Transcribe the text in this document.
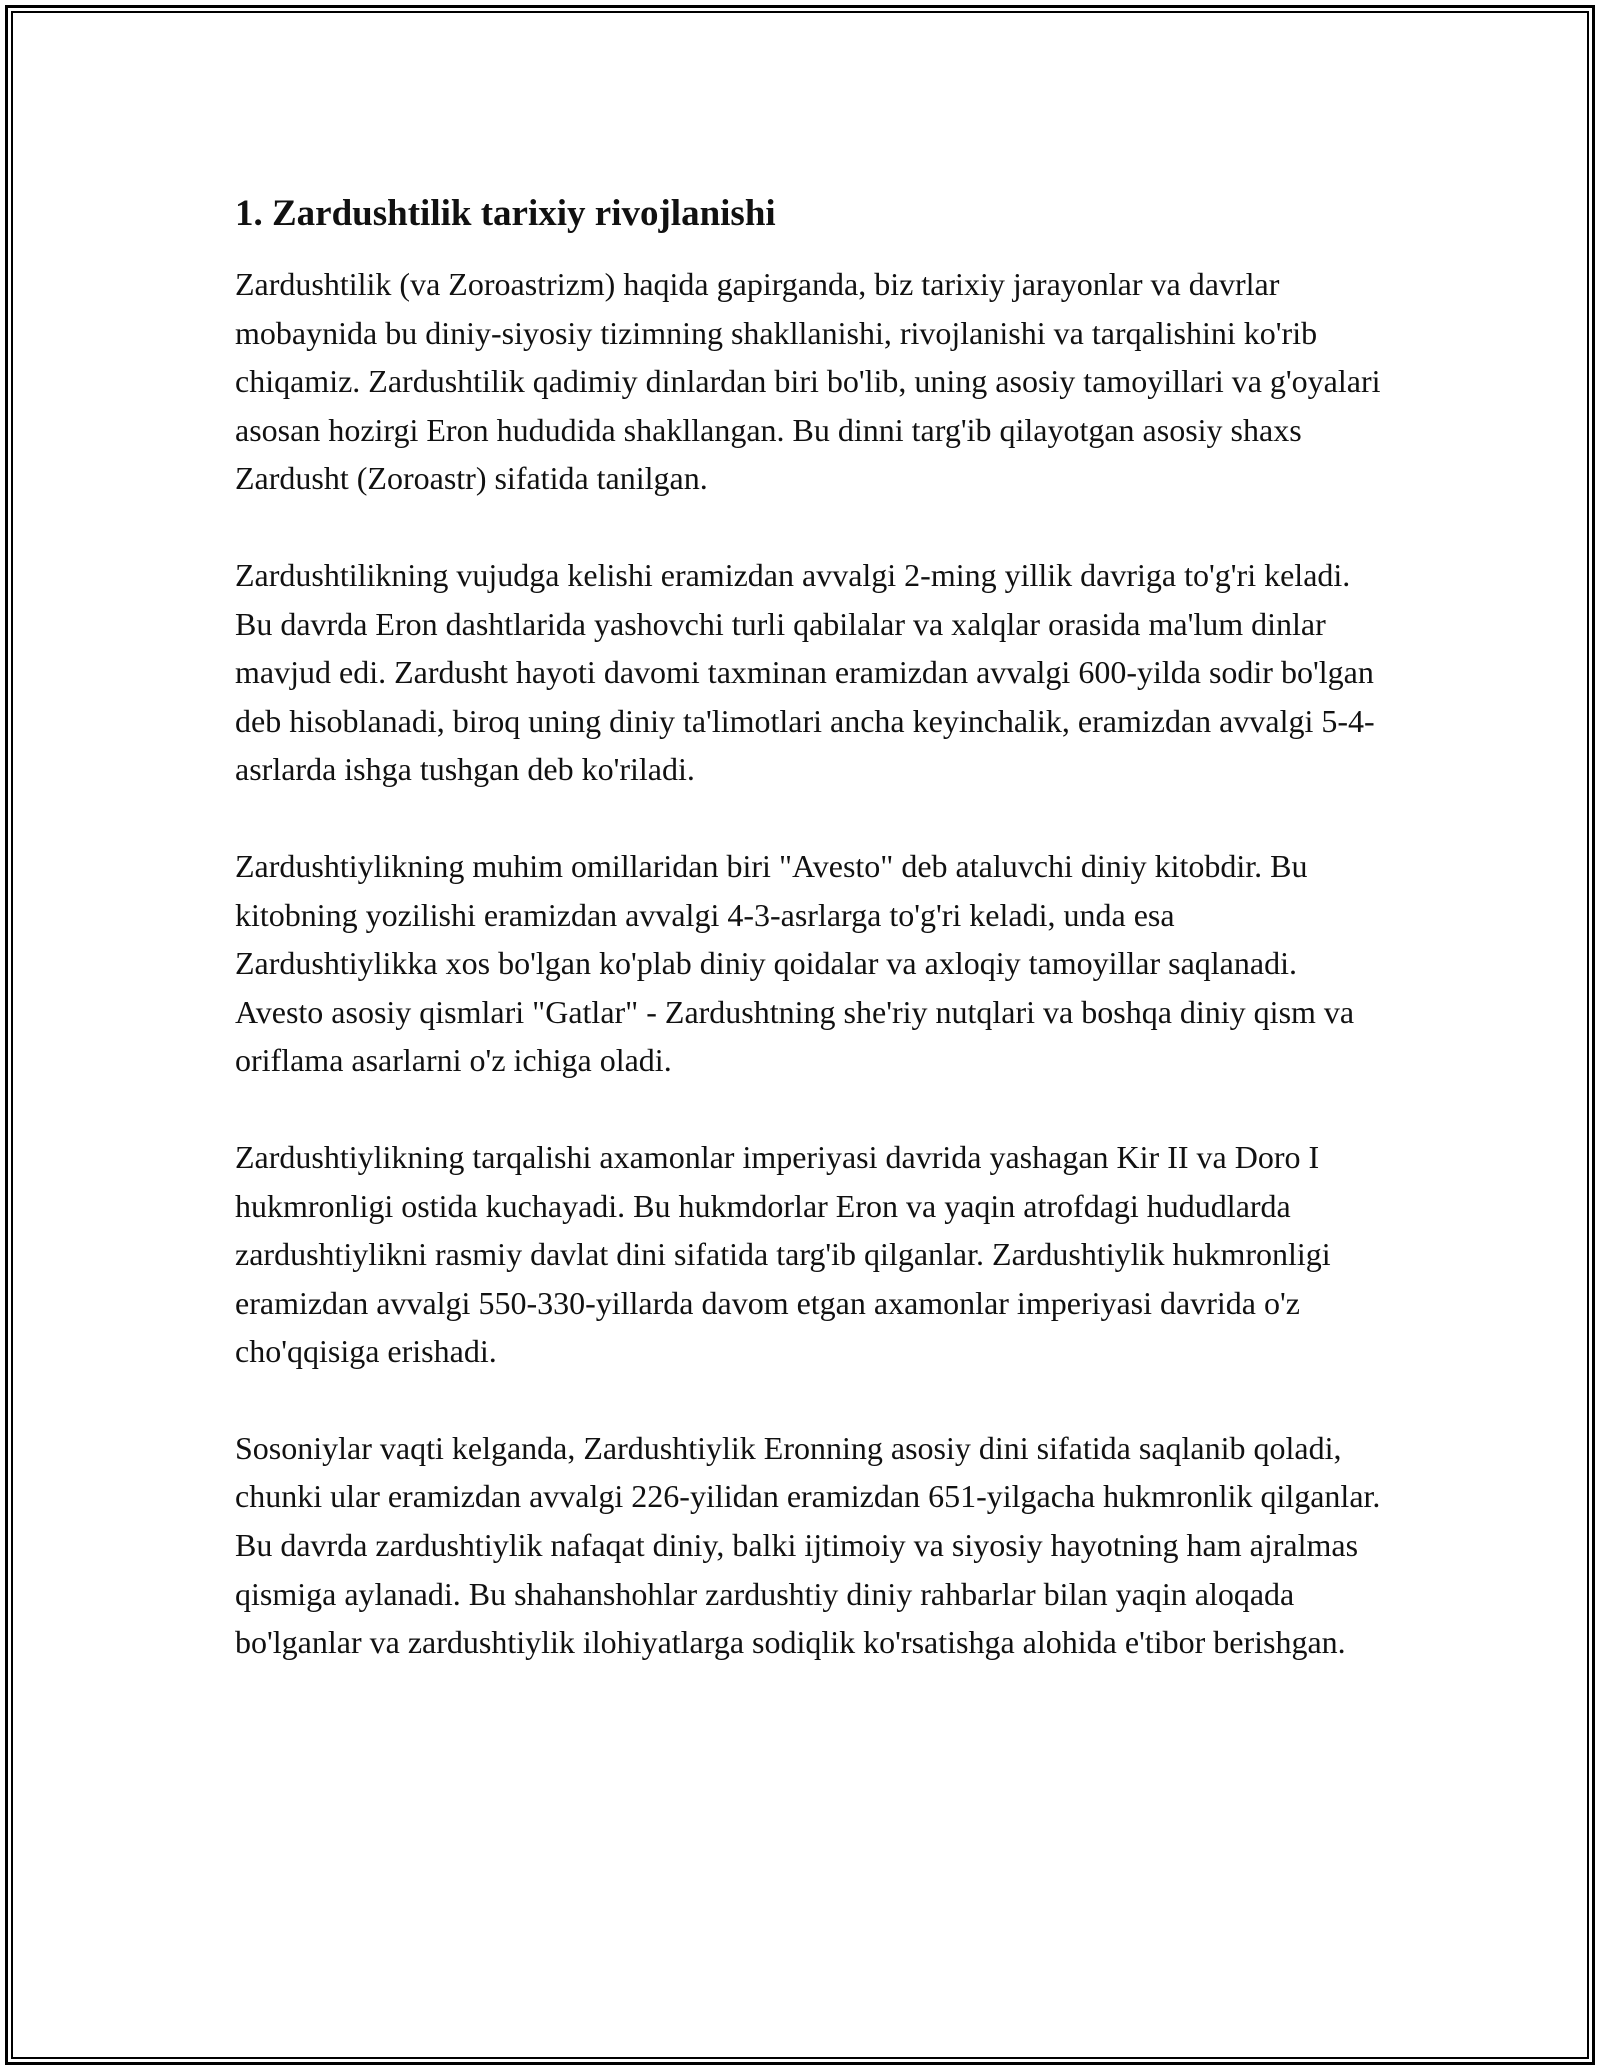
1. Zardushtilik tarixiy rivojlanishi

Zardushtilik (va Zoroastrizm) haqida gapirganda, biz tarixiy jarayonlar va davrlar mobaynida bu diniy-siyosiy tizimning shakllanishi, rivojlanishi va tarqalishini ko'rib chiqamiz. Zardushtilik qadimiy dinlardan biri bo'lib, uning asosiy tamoyillari va g'oyalari asosan hozirgi Eron hududida shakllangan. Bu dinni targ'ib qilayotgan asosiy shaxs Zardusht (Zoroastr) sifatida tanilgan.

Zardushtilikning vujudga kelishi eramizdan avvalgi 2-ming yillik davriga to'g'ri keladi. Bu davrda Eron dashtlarida yashovchi turli qabilalar va xalqlar orasida ma'lum dinlar mavjud edi. Zardusht hayoti davomi taxminan eramizdan avvalgi 600-yilda sodir bo'lgan deb hisoblanadi, biroq uning diniy ta'limotlari ancha keyinchalik, eramizdan avvalgi 5-4-asrlarda ishga tushgan deb ko'riladi.

Zardushtiylikning muhim omillaridan biri "Avesto" deb ataluvchi diniy kitobdir. Bu kitobning yozilishi eramizdan avvalgi 4-3-asrlarga to'g'ri keladi, unda esa Zardushtiylikka xos bo'lgan ko'plab diniy qoidalar va axloqiy tamoyillar saqlanadi. Avesto asosiy qismlari "Gatlar" - Zardushtning she'riy nutqlari va boshqa diniy qism va oriflama asarlarni o'z ichiga oladi.

Zardushtiylikning tarqalishi axamonlar imperiyasi davrida yashagan Kir II va Doro I hukmronligi ostida kuchayadi. Bu hukmdorlar Eron va yaqin atrofdagi hududlarda zardushtiylikni rasmiy davlat dini sifatida targ'ib qilganlar. Zardushtiylik hukmronligi eramizdan avvalgi 550-330-yillarda davom etgan axamonlar imperiyasi davrida o'z cho'qqisiga erishadi.

Sosoniylar vaqti kelganda, Zardushtiylik Eronning asosiy dini sifatida saqlanib qoladi, chunki ular eramizdan avvalgi 226-yilidan eramizdan 651-yilgacha hukmronlik qilganlar. Bu davrda zardushtiylik nafaqat diniy, balki ijtimoiy va siyosiy hayotning ham ajralmas qismiga aylanadi. Bu shahanshohlar zardushtiy diniy rahbarlar bilan yaqin aloqada bo'lganlar va zardushtiylik ilohiyatlarga sodiqlik ko'rsatishga alohida e'tibor berishgan.
